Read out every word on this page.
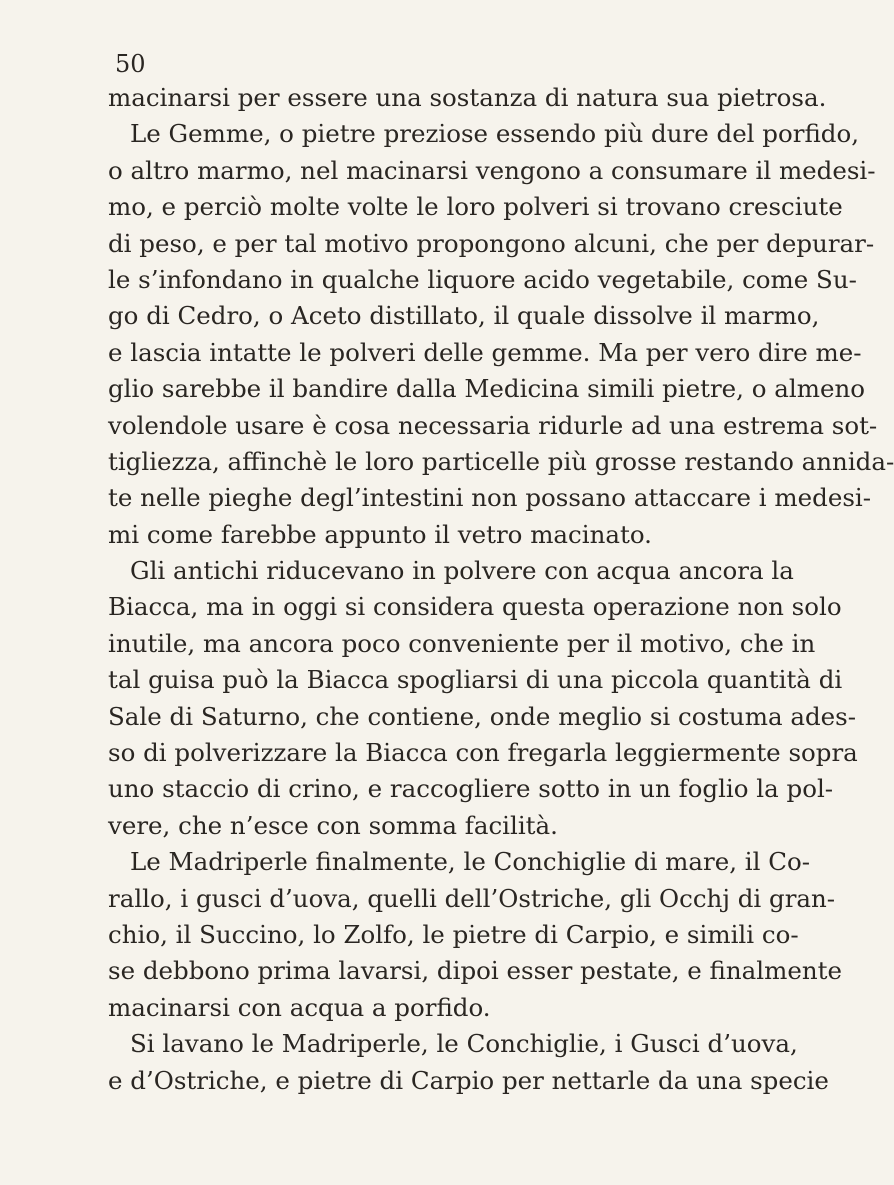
50
macinarsi per essere una sostanza di natura sua pietrosa.
Le Gemme, o pietre preziose essendo più dure del porfido,
o altro marmo, nel macinarsi vengono a consumare il medesi-
mo, e perciò molte volte le loro polveri si trovano cresciute
di peso, e per tal motivo propongono alcuni, che per depurar-
le s’infondano in qualche liquore acido vegetabile, come Su-
go di Cedro, o Aceto distillato, il quale dissolve il marmo,
e lascia intatte le polveri delle gemme. Ma per vero dire me-
glio sarebbe il bandire dalla Medicina simili pietre, o almeno
volendole usare è cosa necessaria ridurle ad una estrema sot-
tigliezza, affinchè le loro particelle più grosse restando annida-
te nelle pieghe degl’intestini non possano attaccare i medesi-
mi come farebbe appunto il vetro macinato.
Gli antichi riducevano in polvere con acqua ancora la
Biacca, ma in oggi si considera questa operazione non solo
inutile, ma ancora poco conveniente per il motivo, che in
tal guisa può la Biacca spogliarsi di una piccola quantità di
Sale di Saturno, che contiene, onde meglio si costuma ades-
so di polverizzare la Biacca con fregarla leggiermente sopra
uno staccio di crino, e raccogliere sotto in un foglio la pol-
vere, che n’esce con somma facilità.
Le Madriperle finalmente, le Conchiglie di mare, il Co-
rallo, i gusci d’uova, quelli dell’Ostriche, gli Occhj di gran-
chio, il Succino, lo Zolfo, le pietre di Carpio, e simili co-
se debbono prima lavarsi, dipoi esser pestate, e finalmente
macinarsi con acqua a porfido.
Si lavano le Madriperle, le Conchiglie, i Gusci d’uova,
e d’Ostriche, e pietre di Carpio per nettarle da una specie
